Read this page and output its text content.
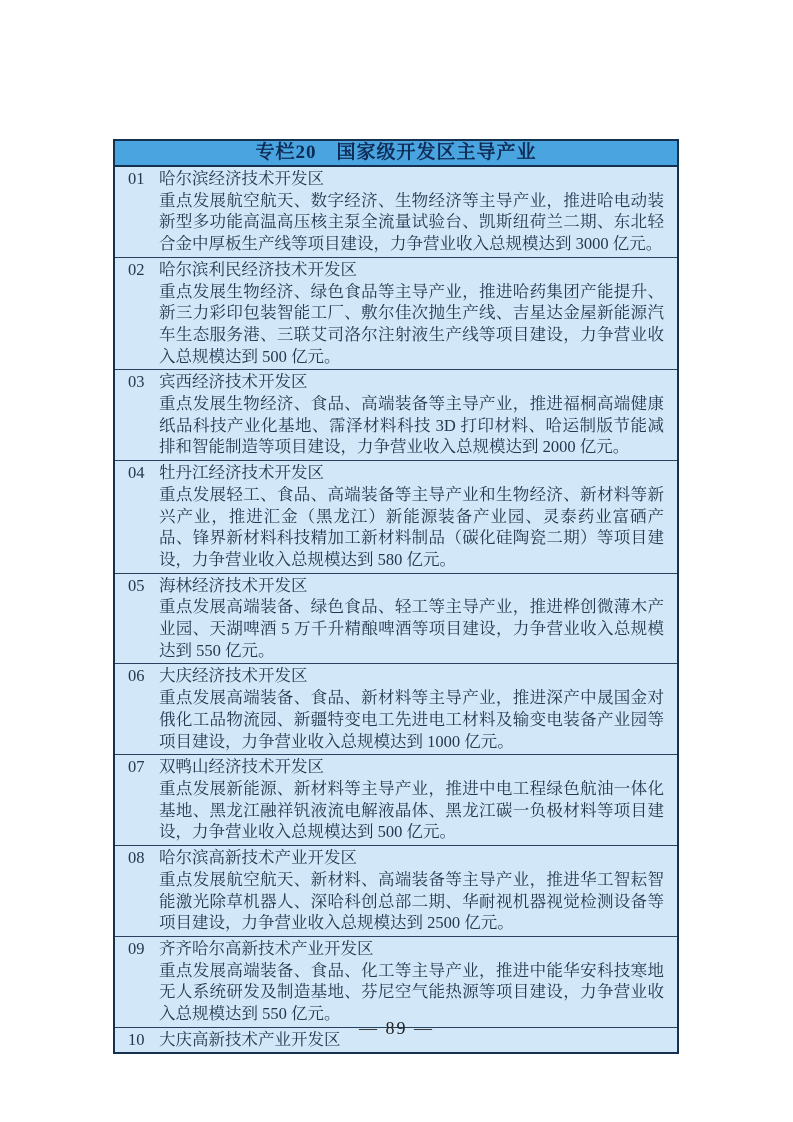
专栏20　国家级开发区主导产业
01 哈尔滨经济技术开发区
重点发展航空航天、数字经济、生物经济等主导产业，推进哈电动装新型多功能高温高压核主泵全流量试验台、凯斯纽荷兰二期、东北轻合金中厚板生产线等项目建设，力争营业收入总规模达到 3000 亿元。
02 哈尔滨利民经济技术开发区
重点发展生物经济、绿色食品等主导产业，推进哈药集团产能提升、新三力彩印包装智能工厂、敷尔佳次抛生产线、吉星达金屋新能源汽车生态服务港、三联艾司洛尔注射液生产线等项目建设，力争营业收入总规模达到 500 亿元。
03 宾西经济技术开发区
重点发展生物经济、食品、高端装备等主导产业，推进福桐高端健康纸品科技产业化基地、霈泽材料科技 3D 打印材料、哈运制版节能减排和智能制造等项目建设，力争营业收入总规模达到 2000 亿元。
04 牡丹江经济技术开发区
重点发展轻工、食品、高端装备等主导产业和生物经济、新材料等新兴产业，推进汇金（黑龙江）新能源装备产业园、灵泰药业富硒产品、锋界新材料科技精加工新材料制品（碳化硅陶瓷二期）等项目建设，力争营业收入总规模达到 580 亿元。
05 海林经济技术开发区
重点发展高端装备、绿色食品、轻工等主导产业，推进桦创微薄木产业园、天湖啤酒 5 万千升精酿啤酒等项目建设，力争营业收入总规模达到 550 亿元。
06 大庆经济技术开发区
重点发展高端装备、食品、新材料等主导产业，推进深产中晟国金对俄化工品物流园、新疆特变电工先进电工材料及输变电装备产业园等项目建设，力争营业收入总规模达到 1000 亿元。
07 双鸭山经济技术开发区
重点发展新能源、新材料等主导产业，推进中电工程绿色航油一体化基地、黑龙江融祥钒液流电解液晶体、黑龙江碳一负极材料等项目建设，力争营业收入总规模达到 500 亿元。
08 哈尔滨高新技术产业开发区
重点发展航空航天、新材料、高端装备等主导产业，推进华工智耘智能激光除草机器人、深哈科创总部二期、华耐视机器视觉检测设备等项目建设，力争营业收入总规模达到 2500 亿元。
09 齐齐哈尔高新技术产业开发区
重点发展高端装备、食品、化工等主导产业，推进中能华安科技寒地无人系统研发及制造基地、芬尼空气能热源等项目建设，力争营业收入总规模达到 550 亿元。
10 大庆高新技术产业开发区
— 89 —
